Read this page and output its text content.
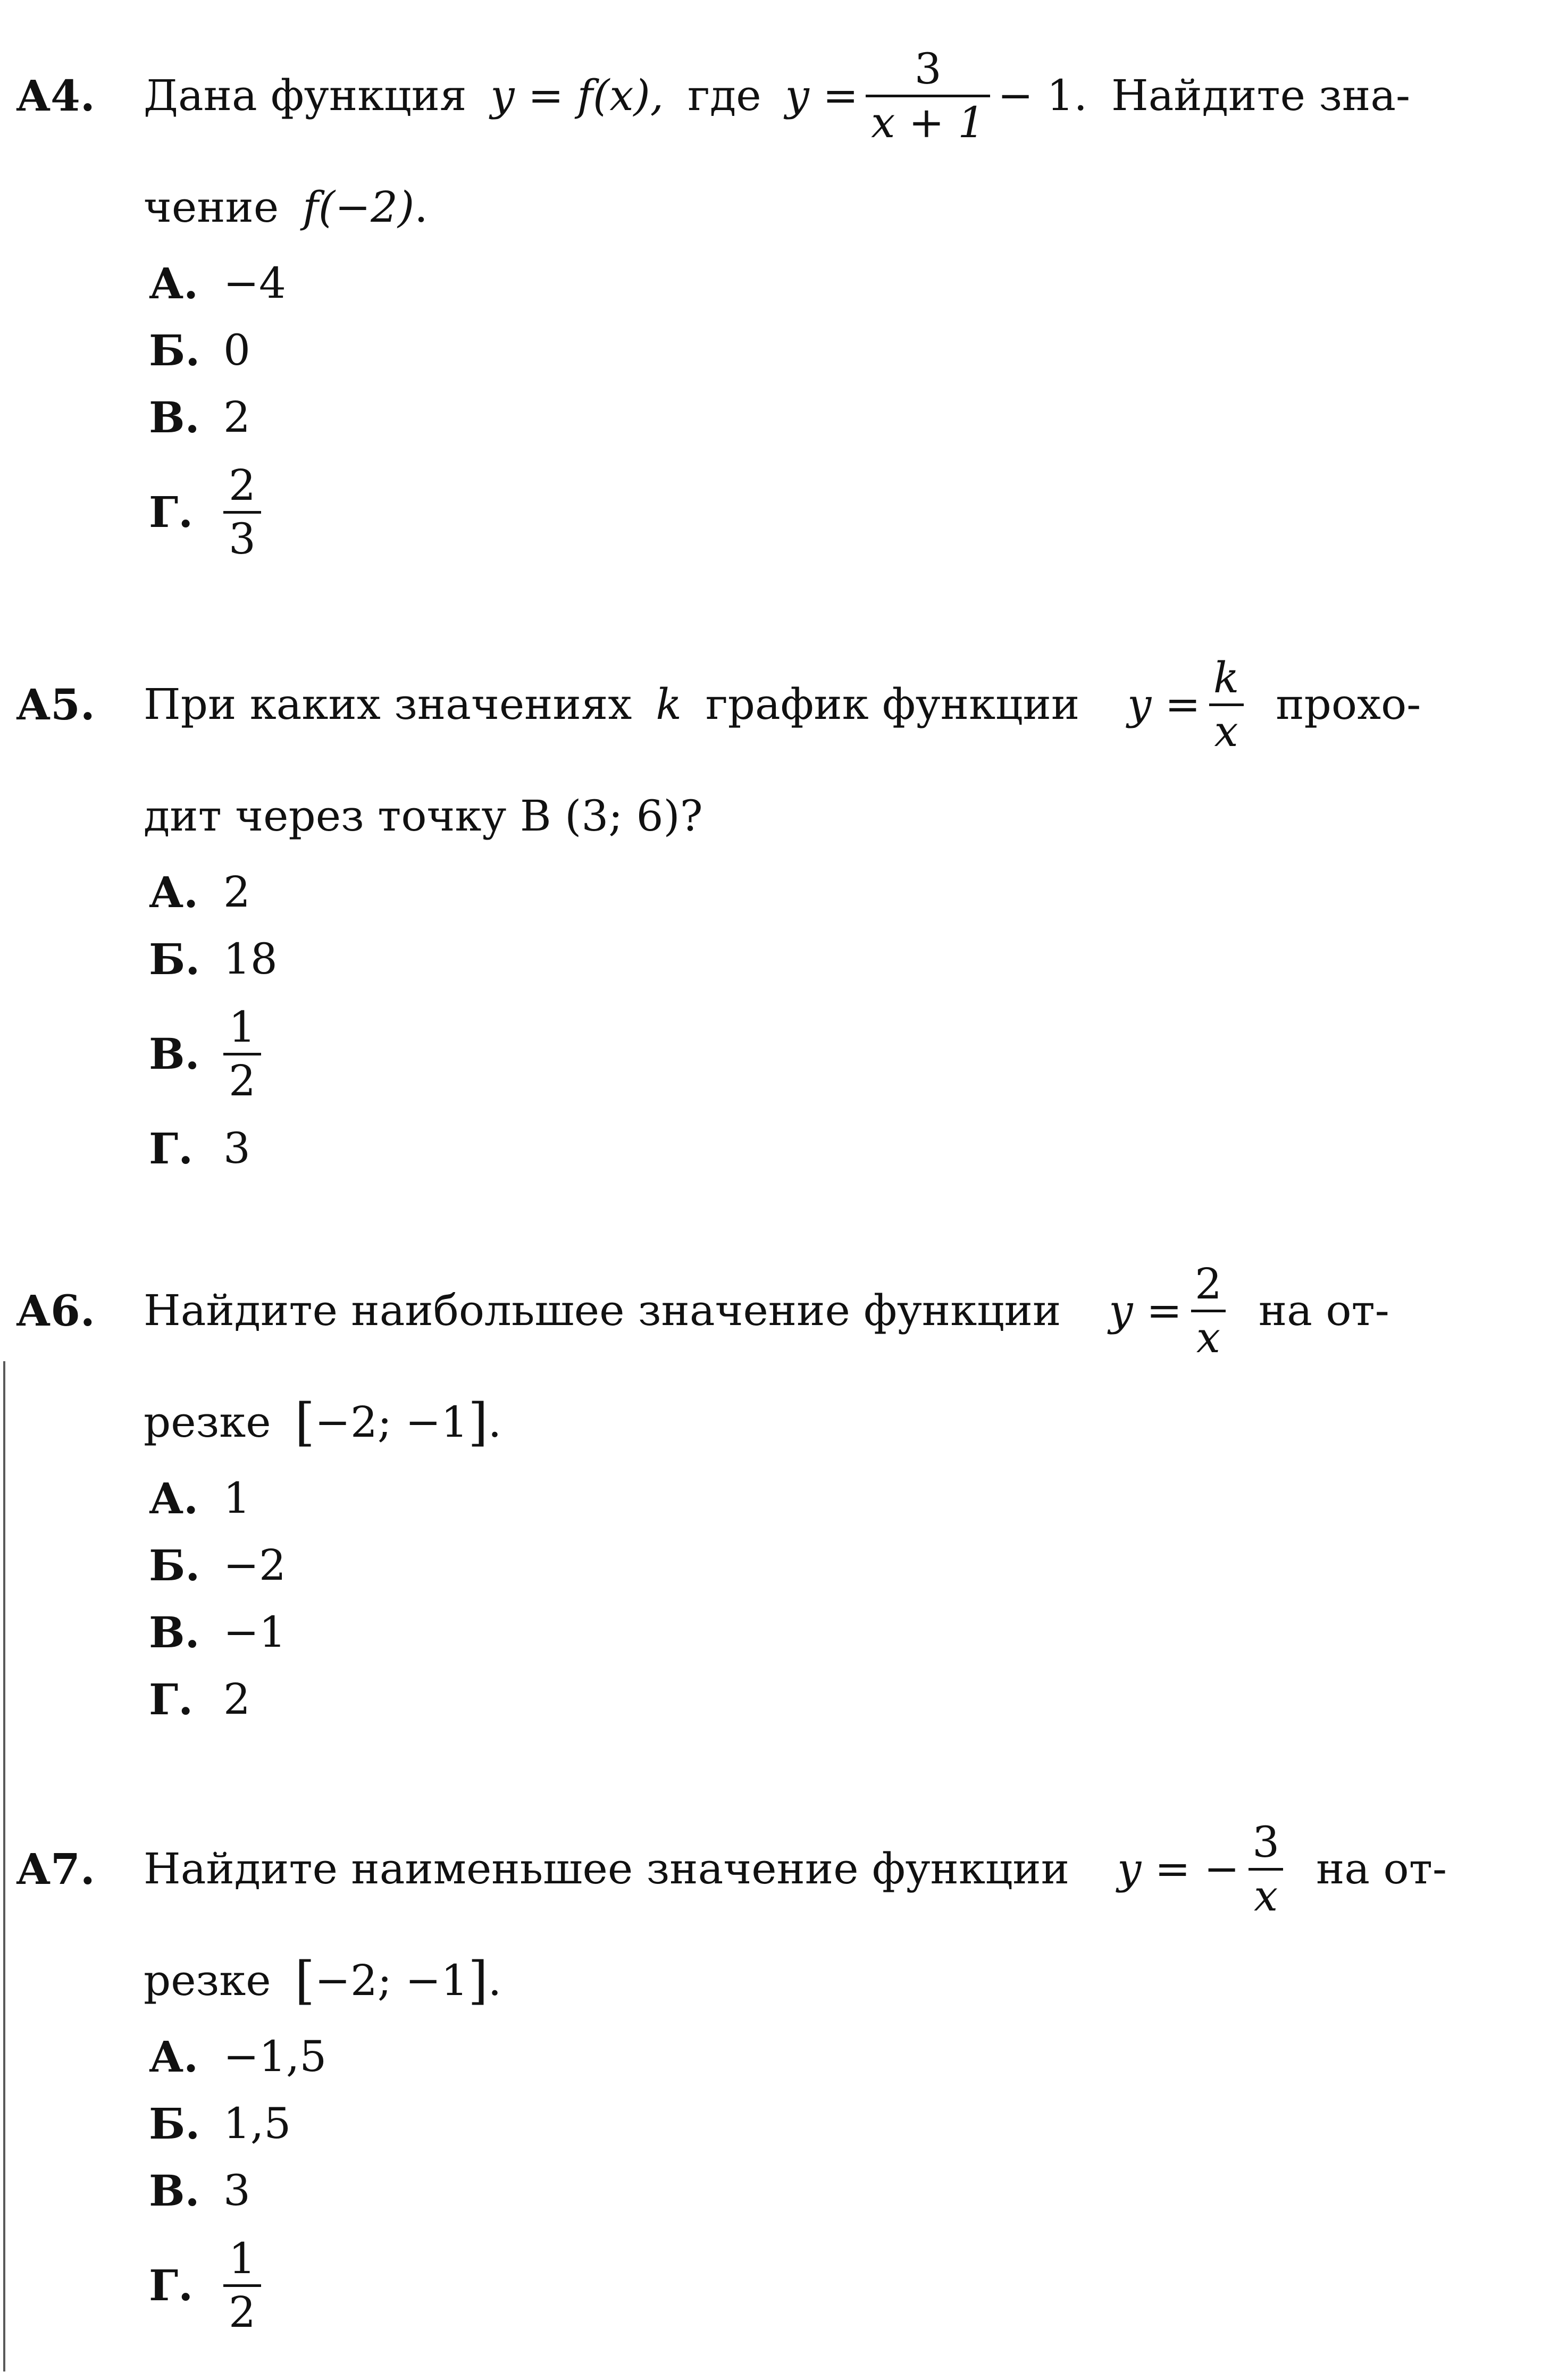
А4.	Дана функция y = f(x), где $y = \frac{3}{x + 1} - 1$. Найдите зна-
чение f(−2) .
А. −4
Б. 0
В. 2
Г. $\frac{2}{3}$
А5.	При каких значениях k график функции $y = \frac{k}{x}$ прохо-
дит через точку В (3; 6)?
А. 2
Б. 18
В. $\frac{1}{2}$
Г. 3
А6.	Найдите наибольшее значение функции $y = \frac{2}{x}$ на от-
резке [ −2; −1 ] .
А. 1
Б. −2
В. −1
Г. 2
А7.	Найдите наименьшее значение функции y = − $\frac{3}{x}$ на от-
резке [ −2; −1 ] .
А. −1,5
Б. 1,5
В. 3
Г. $\frac{1}{2}$
